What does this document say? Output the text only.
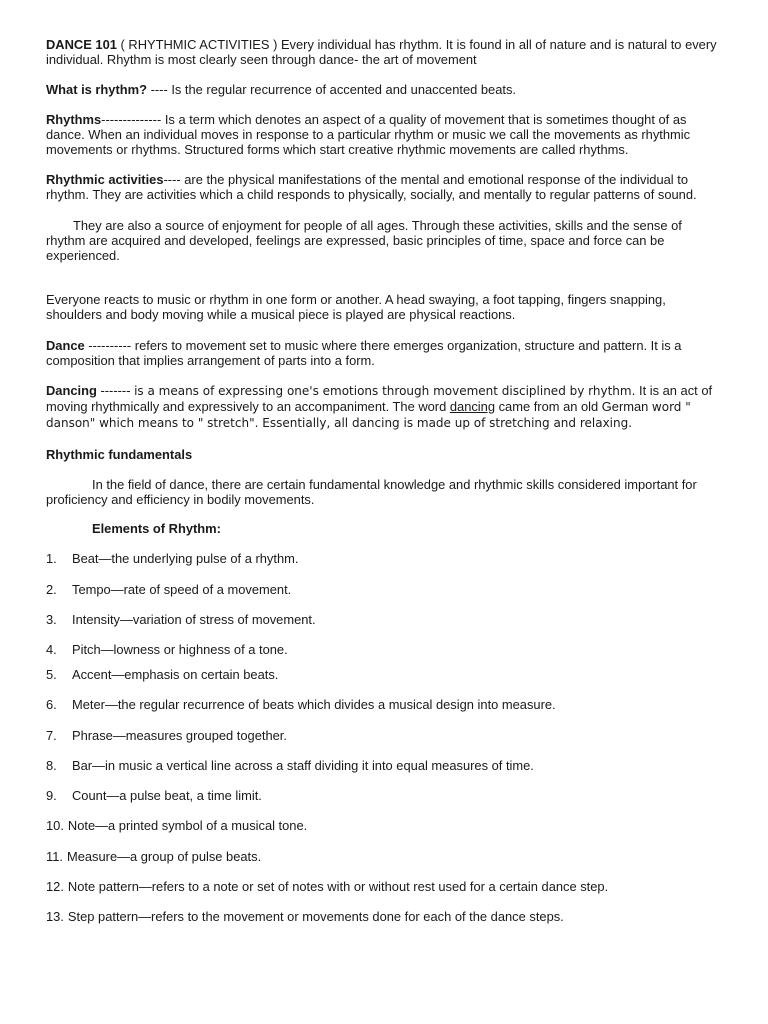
DANCE 101 ( RHYTHMIC ACTIVITIES ) Every individual has rhythm. It is found in all of nature and is natural to every individual. Rhythm is most clearly seen through dance- the art of movement

What is rhythm? ---- Is the regular recurrence of accented and unaccented beats.

Rhythms-------------- Is a term which denotes an aspect of a quality of movement that is sometimes thought of as dance. When an individual moves in response to a particular rhythm or music we call the movements as rhythmic movements or rhythms. Structured forms which start creative rhythmic movements are called rhythms.

Rhythmic activities---- are the physical manifestations of the mental and emotional response of the individual to rhythm. They are activities which a child responds to physically, socially, and mentally to regular patterns of sound.

They are also a source of enjoyment for people of all ages. Through these activities, skills and the sense of rhythm are acquired and developed, feelings are expressed, basic principles of time, space and force can be experienced.

Everyone reacts to music or rhythm in one form or another. A head swaying, a foot tapping, fingers snapping, shoulders and body moving while a musical piece is played are physical reactions.

Dance ---------- refers to movement set to music where there emerges organization, structure and pattern. It is a composition that implies arrangement of parts into a form.

Dancing ------- is a means of expressing one's emotions through movement disciplined by rhythm. It is an act of moving rhythmically and expressively to an accompaniment. The word dancing came from an old German word " danson" which means to " stretch". Essentially, all dancing is made up of stretching and relaxing.

Rhythmic fundamentals

In the field of dance, there are certain fundamental knowledge and rhythmic skills considered important for proficiency and efficiency in bodily movements.

Elements of Rhythm:

1.	Beat—the underlying pulse of a rhythm.
2.	Tempo—rate of speed of a movement.
3.	Intensity—variation of stress of movement.
4.	Pitch—lowness or highness of a tone.
5.	Accent—emphasis on certain beats.
6.	Meter—the regular recurrence of beats which divides a musical design into measure.
7.	Phrase—measures grouped together.
8.	Bar—in music a vertical line across a staff dividing it into equal measures of time.
9.	Count—a pulse beat, a time limit.
10. Note—a printed symbol of a musical tone.
11. Measure—a group of pulse beats.
12. Note pattern—refers to a note or set of notes with or without rest used for a certain dance step.
13. Step pattern—refers to the movement or movements done for each of the dance steps.
